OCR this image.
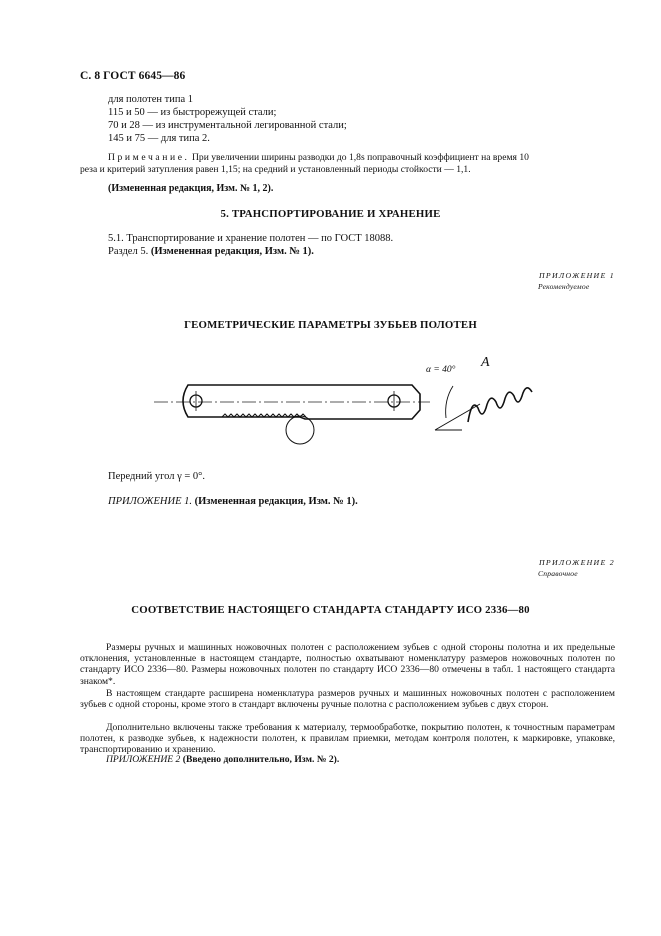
С. 8 ГОСТ 6645—86
для полотен типа 1
115 и 50 — из быстрорежущей стали;
70 и 28 — из инструментальной легированной стали;
145 и 75 — для типа 2.
Примечание. При увеличении ширины разводки до 1,8s поправочный коэффициент на время 10
реза и критерий затупления равен 1,15; на средний и установленный периоды стойкости — 1,1.
(Измененная редакция, Изм. № 1, 2).
5. ТРАНСПОРТИРОВАНИЕ И ХРАНЕНИЕ
5.1. Транспортирование и хранение полотен — по ГОСТ 18088.
Раздел 5. (Измененная редакция, Изм. № 1).
ПРИЛОЖЕНИЕ 1
Рекомендуемое
ГЕОМЕТРИЧЕСКИЕ ПАРАМЕТРЫ ЗУБЬЕВ ПОЛОТЕН
α = 40° А
Передний угол γ = 0°.
ПРИЛОЖЕНИЕ 1. (Измененная редакция, Изм. № 1).
ПРИЛОЖЕНИЕ 2
Справочное
СООТВЕТСТВИЕ НАСТОЯЩЕГО СТАНДАРТА СТАНДАРТУ ИСО 2336—80
Размеры ручных и машинных ножовочных полотен с расположением зубьев с одной стороны полотна и их предельные отклонения, установленные в настоящем стандарте, полностью охватывают номенклатуру размеров ножовочных полотен по стандарту ИСО 2336—80. Размеры ножовочных полотен по стандарту ИСО 2336—80 отмечены в табл. 1 настоящего стандарта знаком*.
В настоящем стандарте расширена номенклатура размеров ручных и машинных ножовочных полотен с расположением зубьев с одной стороны, кроме этого в стандарт включены ручные полотна с расположением зубьев с двух сторон.
Дополнительно включены также требования к материалу, термообработке, покрытию полотен, к точностным параметрам полотен, к разводке зубьев, к надежности полотен, к правилам приемки, методам контроля полотен, к маркировке, упаковке, транспортированию и хранению.
ПРИЛОЖЕНИЕ 2 (Введено дополнительно, Изм. № 2).
